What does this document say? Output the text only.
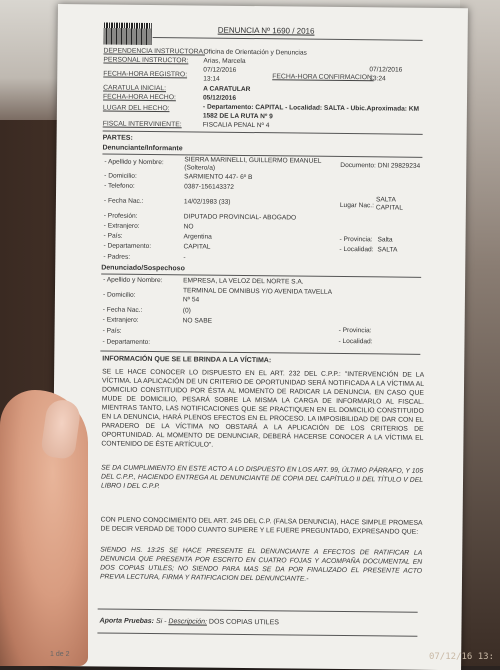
DENUNCIA Nº 1690 / 2016
DEPENDENCIA INSTRUCTORA:
Oficina de Orientación y Denuncias
PERSONAL INSTRUCTOR: Arias, Marcela
FECHA-HORA REGISTRO:
07/12/2016
13:14	FECHA-HORA CONFIRMACION:
07/12/2016
13:24
CARATULA INICIAL:	A CARATULAR
FECHA-HORA HECHO:	05/12/2016
LUGAR DEL HECHO:	- Departamento: CAPITAL - Localidad: SALTA - Ubic.Aproximada: KM
1582 DE LA RUTA Nº 9
FISCAL INTERVINIENTE:	FISCALIA PENAL Nº 4
PARTES:
Denunciante/Informante
- Apellido y Nombre:	SIERRA MARINELLI, GUILLERMO EMANUEL
(Soltero/a)	Documento: DNI 29829234
- Domicilio:	SARMIENTO 447- 6º B
- Telefono:	0387-156143372
- Fecha Nac.:	14/02/1983 (33)	Lugar Nac.:
SALTA
CAPITAL
- Profesión:	DIPUTADO PROVINCIAL- ABOGADO
- Extranjero:	NO
- País:	Argentina	- Provincia: Salta
- Departamento:	CAPITAL	- Localidad: SALTA
- Padres:	-
Denunciado/Sospechoso
- Apellido y Nombre:	EMPRESA, LA VELOZ DEL NORTE S.A.
- Domicilio:	TERMINAL DE OMNIBUS Y/O AVENIDA TAVELLA
Nº 54
- Fecha Nac.:	(0)
- Extranjero:	NO SABE
- País:	- Provincia:
- Departamento:	- Localidad:
INFORMACIÓN QUE SE LE BRINDA A LA VÍCTIMA:
SE LE HACE CONOCER LO DISPUESTO EN EL ART. 232 DEL C.P.P.: "INTERVENCIÓN DE LA VÍCTIMA. LA APLICACIÓN DE UN CRITERIO DE OPORTUNIDAD SERÁ NOTIFICADA A LA VÍCTIMA AL DOMICILIO CONSTITUIDO POR ÉSTA AL MOMENTO DE RADICAR LA DENUNCIA. EN CASO QUE MUDE DE DOMICILIO, PESARÁ SOBRE LA MISMA LA CARGA DE INFORMARLO AL FISCAL. MIENTRAS TANTO, LAS NOTIFICACIONES QUE SE PRACTIQUEN EN EL DOMICILIO CONSTITUIDO EN LA DENUNCIA, HARÁ PLENOS EFECTOS EN EL PROCESO. LA IMPOSIBILIDAD DE DAR CON EL PARADERO DE LA VÍCTIMA NO OBSTARÁ A LA APLICACIÓN DE LOS CRITERIOS DE OPORTUNIDAD. AL MOMENTO DE DENUNCIAR, DEBERÁ HACERSE CONOCER A LA VÍCTIMA EL CONTENIDO DE ÉSTE ARTÍCULO".
SE DA CUMPLIMIENTO EN ESTE ACTO A LO DISPUESTO EN LOS ART. 99, ÚLTIMO PÁRRAFO, Y 105 DEL C.P.P., HACIENDO ENTREGA AL DENUNCIANTE DE COPIA DEL CAPÍTULO II DEL TÍTULO V DEL LIBRO I DEL C.P.P.
CON PLENO CONOCIMIENTO DEL ART. 245 DEL C.P. (FALSA DENUNCIA), HACE SIMPLE PROMESA DE DECIR VERDAD DE TODO CUANTO SUPIERE Y LE FUERE PREGUNTADO, EXPRESANDO QUE:
SIENDO HS. 13:25 SE HACE PRESENTE EL DENUNCIANTE A EFECTOS DE RATIFICAR LA DENUNCIA QUE PRESENTA POR ESCRITO EN CUATRO FOJAS Y ACOMPAÑA DOCUMENTAL EN DOS COPIAS UTILES; NO SIENDO PARA MAS SE DA POR FINALIZADO EL PRESENTE ACTO PREVIA LECTURA, FIRMA Y RATIFICACION DEL DENUNCIANTE.-
Aporta Pruebas: Si - Descripción: DOS COPIAS UTILES
1 de 2	07/12/16 13:
